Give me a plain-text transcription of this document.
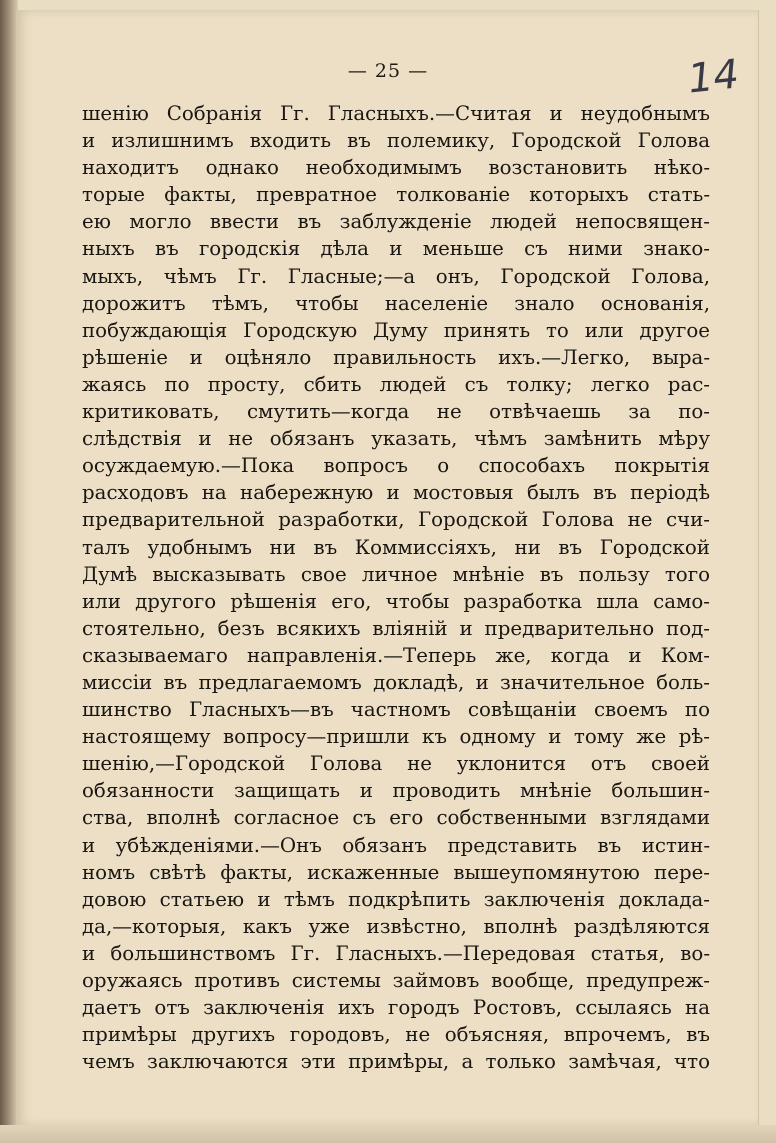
— 25 —	14
шенію Собранія Гг. Гласныхъ.—Считая и неудобнымъ
и излишнимъ входить въ полемику, Городской Голова
находитъ однако необходимымъ возстановить нѣко-
торые факты, превратное толкованіе которыхъ стать-
ею могло ввести въ заблужденіе людей непосвящен-
ныхъ въ городскія дѣла и меньше съ ними знако-
мыхъ, чѣмъ Гг. Гласные;—а онъ, Городской Голова,
дорожитъ тѣмъ, чтобы населеніе знало основанія,
побуждающія Городскую Думу принять то или другое
рѣшеніе и оцѣняло правильность ихъ.—Легко, выра-
жаясь по просту, сбить людей съ толку; легко рас-
критиковать, смутить—когда не отвѣчаешь за по-
слѣдствія и не обязанъ указать, чѣмъ замѣнить мѣру
осуждаемую.—Пока вопросъ о способахъ покрытія
расходовъ на набережную и мостовыя былъ въ періодѣ
предварительной разработки, Городской Голова не счи-
талъ удобнымъ ни въ Коммиссіяхъ, ни въ Городской
Думѣ высказывать свое личное мнѣніе въ пользу того
или другого рѣшенія его, чтобы разработка шла само-
стоятельно, безъ всякихъ вліяній и предварительно под-
сказываемаго направленія.—Теперь же, когда и Ком-
миссіи въ предлагаемомъ докладѣ, и значительное боль-
шинство Гласныхъ—въ частномъ совѣщаніи своемъ по
настоящему вопросу—пришли къ одному и тому же рѣ-
шенію,—Городской Голова не уклонится отъ своей
обязанности защищать и проводить мнѣніе большин-
ства, вполнѣ согласное съ его собственными взглядами
и убѣжденіями.—Онъ обязанъ представить въ истин-
номъ свѣтѣ факты, искаженные вышеупомянутою пере-
довою статьею и тѣмъ подкрѣпить заключенія доклада-
да,—которыя, какъ уже извѣстно, вполнѣ раздѣляются
и большинствомъ Гг. Гласныхъ.—Передовая статья, во-
оружаясь противъ системы займовъ вообще, предупреж-
даетъ отъ заключенія ихъ городъ Ростовъ, ссылаясь на
примѣры другихъ городовъ, не объясняя, впрочемъ, въ
чемъ заключаются эти примѣры, а только замѣчая, что
